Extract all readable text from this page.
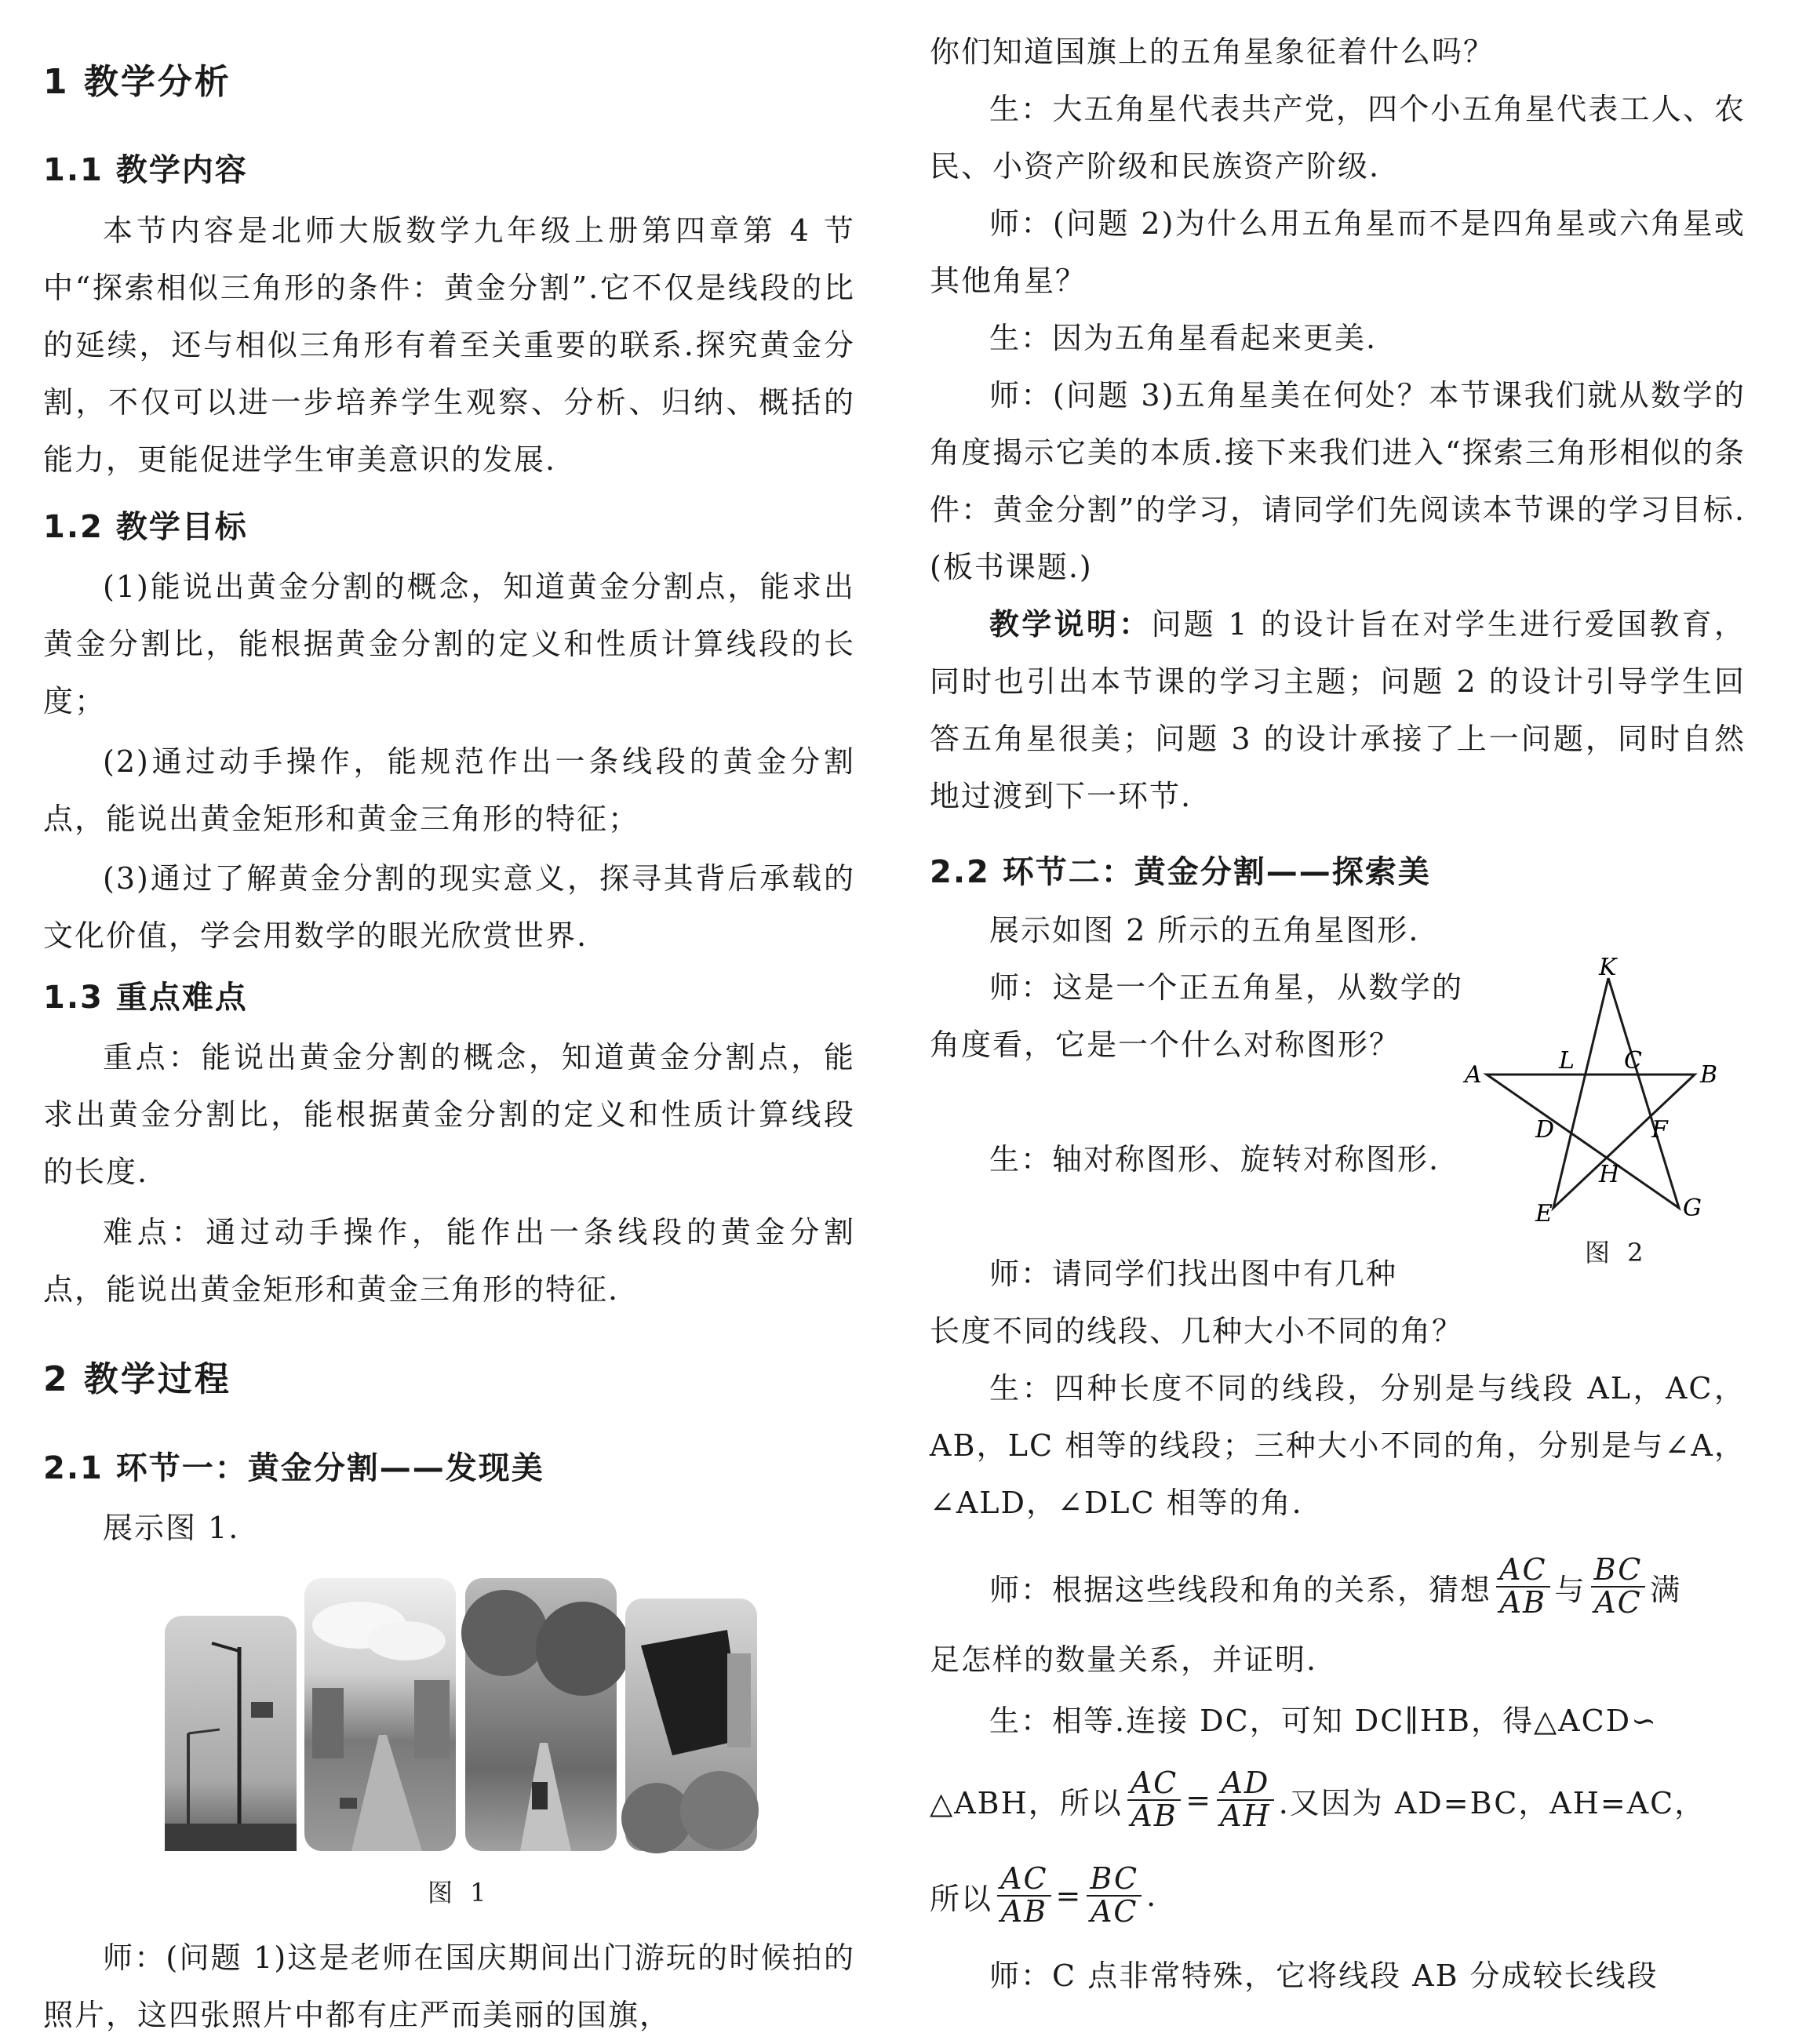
1 教学分析
1.1 教学内容
本节内容是北师大版数学九年级上册第四章第 4 节中“探索相似三角形的条件：黄金分割”.它不仅是线段的比的延续，还与相似三角形有着至关重要的联系.探究黄金分割，不仅可以进一步培养学生观察、分析、归纳、概括的能力，更能促进学生审美意识的发展.
1.2 教学目标
(1)能说出黄金分割的概念，知道黄金分割点，能求出黄金分割比，能根据黄金分割的定义和性质计算线段的长度；
(2)通过动手操作，能规范作出一条线段的黄金分割点，能说出黄金矩形和黄金三角形的特征；
(3)通过了解黄金分割的现实意义，探寻其背后承载的文化价值，学会用数学的眼光欣赏世界.
1.3 重点难点
重点：能说出黄金分割的概念，知道黄金分割点，能求出黄金分割比，能根据黄金分割的定义和性质计算线段的长度.
难点：通过动手操作，能作出一条线段的黄金分割点，能说出黄金矩形和黄金三角形的特征.
2 教学过程
2.1 环节一：黄金分割——发现美
展示图 1.
图 1
师：(问题 1)这是老师在国庆期间出门游玩的时候拍的照片，这四张照片中都有庄严而美丽的国旗，
你们知道国旗上的五角星象征着什么吗？
生：大五角星代表共产党，四个小五角星代表工人、农民、小资产阶级和民族资产阶级.
师：(问题 2)为什么用五角星而不是四角星或六角星或其他角星？
生：因为五角星看起来更美.
师：(问题 3)五角星美在何处？本节课我们就从数学的角度揭示它美的本质.接下来我们进入“探索三角形相似的条件：黄金分割”的学习，请同学们先阅读本节课的学习目标.(板书课题.)
教学说明：问题 1 的设计旨在对学生进行爱国教育，同时也引出本节课的学习主题；问题 2 的设计引导学生回答五角星很美；问题 3 的设计承接了上一问题，同时自然地过渡到下一环节.
2.2 环节二：黄金分割——探索美
展示如图 2 所示的五角星图形.
师：这是一个正五角星，从数学的角度看，它是一个什么对称图形？
生：轴对称图形、旋转对称图形.
师：请同学们找出图中有几种
长度不同的线段、几种大小不同的角？
生：四种长度不同的线段，分别是与线段 AL，AC，AB，LC 相等的线段；三种大小不同的角，分别是与∠A，∠ALD，∠DLC 相等的角.
师：根据这些线段和角的关系，猜想 $\frac{AC}{AB}$ 与 $\frac{BC}{AC}$ 满
足怎样的数量关系，并证明.
生：相等.连接 DC，可知 DC∥HB，得△ACD∽
△ABH，所以 $\frac{AC}{AB} = \frac{AD}{AH}$ .又因为 AD=BC，AH=AC，
所以 $\frac{AC}{AB} = \frac{BC}{AC}$ .
师：C 点非常特殊，它将线段 AB 分成较长线段
K
A	B
L C
D	F
H
E	G
图 2
